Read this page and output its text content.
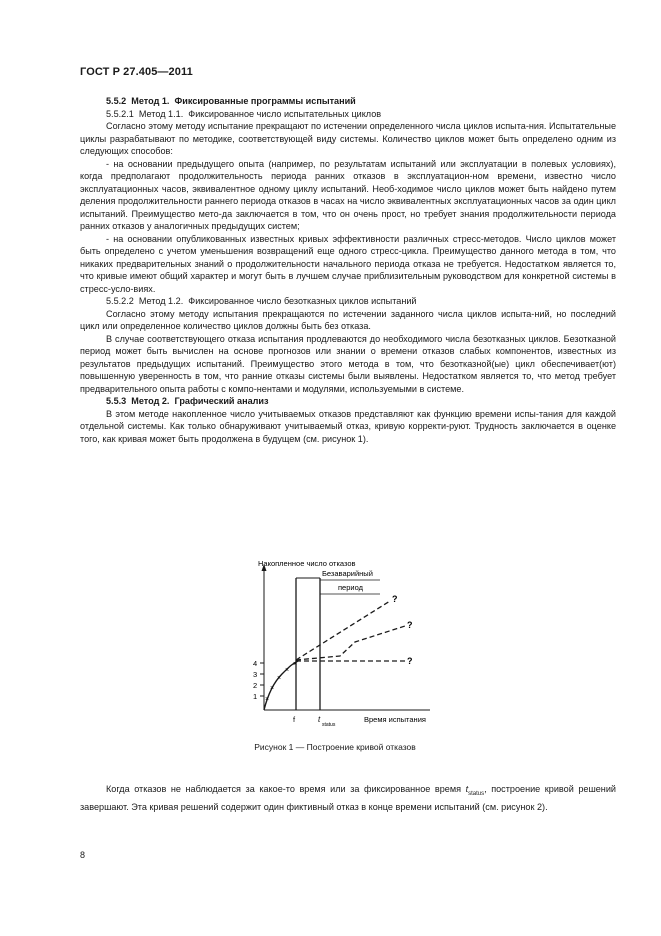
ГОСТ Р 27.405—2011

5.5.2 Метод 1. Фиксированные программы испытаний

5.5.2.1 Метод 1.1. Фиксированное число испытательных циклов

Согласно этому методу испытание прекращают по истечении определенного числа циклов испыта-ния. Испытательные циклы разрабатывают по методике, соответствующей виду системы. Количество циклов может быть определено одним из следующих способов:

- на основании предыдущего опыта (например, по результатам испытаний или эксплуатации в полевых условиях), когда предполагают продолжительность периода ранних отказов в эксплуатацион-ном времени, известно число эксплуатационных часов, эквивалентное одному циклу испытаний. Необ-ходимое число циклов может быть найдено путем деления продолжительности раннего периода отказов в часах на число эквивалентных эксплуатационных часов за один цикл испытаний. Преимущество мето-да заключается в том, что он очень прост, но требует знания продолжительности периода ранних отказов у аналогичных предыдущих систем;

- на основании опубликованных известных кривых эффективности различных стресс-методов. Число циклов может быть определено с учетом уменьшения возвращений еще одного стресс-цикла. Преимущество данного метода в том, что никаких предварительных знаний о продолжительности начального периода отказа не требуется. Недостатком является то, что кривые имеют общий характер и могут быть в лучшем случае приблизительным руководством для конкретной системы в стресс-усло-виях.

5.5.2.2 Метод 1.2. Фиксированное число безотказных циклов испытаний

Согласно этому методу испытания прекращаются по истечении заданного числа циклов испыта-ний, но последний цикл или определенное количество циклов должны быть без отказа.

В случае соответствующего отказа испытания продлеваются до необходимого числа безотказных циклов. Безотказной период может быть вычислен на основе прогнозов или знании о времени отказов слабых компонентов, известных из результатов предыдущих испытаний. Преимущество этого метода в том, что безотказной(ые) цикл обеспечивает(ют) повышенную уверенность в том, что ранние отказы системы были выявлены. Недостатком является то, что метод требует предварительного опыта работы с компо-нентами и модулями, используемыми в системе.

5.5.3 Метод 2. Графический анализ

В этом методе накопленное число учитываемых отказов представляют как функцию времени испы-тания для каждой отдельной системы. Как только обнаруживают учитываемый отказ, кривую корректи-руют. Трудность заключается в оценке того, как кривая может быть продолжена в будущем (см. рисунок 1).

Накопленное число отказов
Время испытания
4
3
2
1
Безаварийный
период
f	t
status
×
×
×
×
×
?
?
?
Рисунок 1 — Построение кривой отказов

Когда отказов не наблюдается за какое-то время или за фиксированное время $t_{status}$, построение кривой решений завершают. Эта кривая решений содержит один фиктивный отказ в конце времени испытаний (см. рисунок 2).

8
